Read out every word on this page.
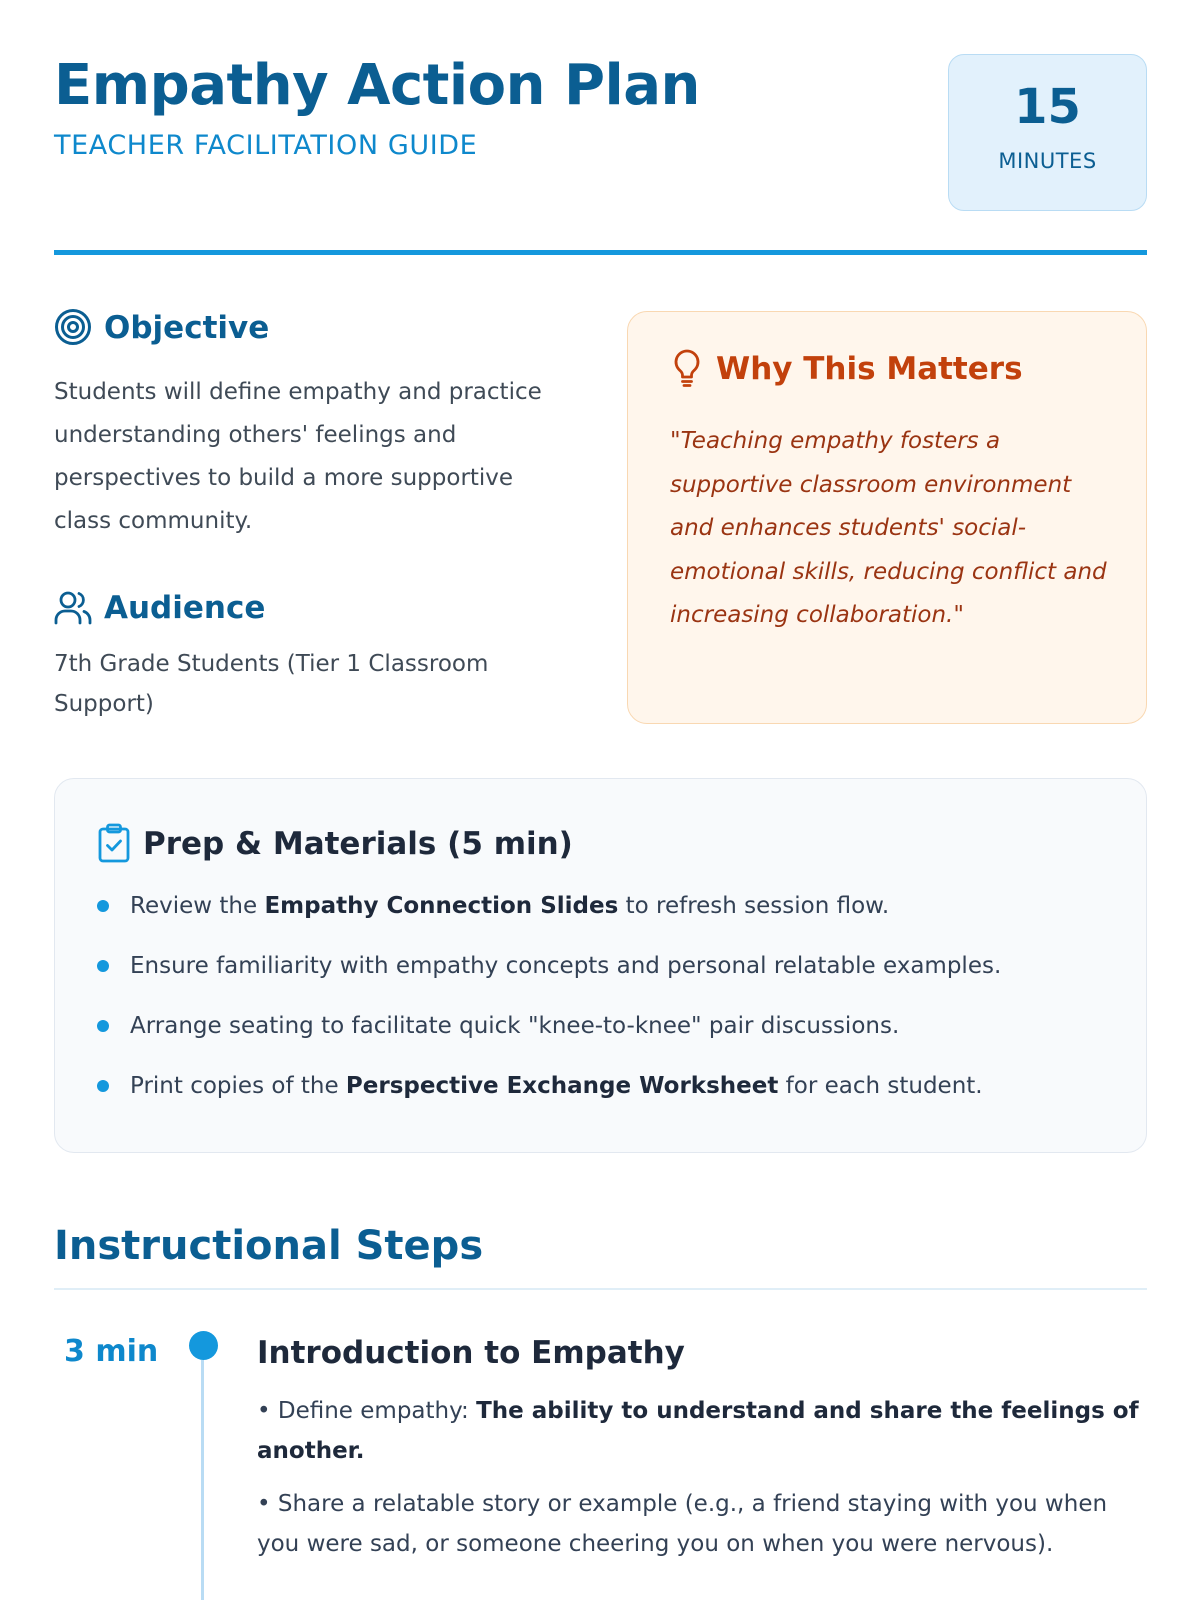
Empathy Action Plan
TEACHER FACILITATION GUIDE
15
MINUTES
Objective
Students will define empathy and practice understanding others' feelings and perspectives to build a more supportive class community.
Audience
7th Grade Students (Tier 1 Classroom Support)
Why This Matters
"Teaching empathy fosters a supportive classroom environment and enhances students' social-emotional skills, reducing conflict and increasing collaboration."
Prep & Materials (5 min)
Review the Empathy Connection Slides to refresh session flow.
Ensure familiarity with empathy concepts and personal relatable examples.
Arrange seating to facilitate quick "knee-to-knee" pair discussions.
Print copies of the Perspective Exchange Worksheet for each student.
Instructional Steps
3 min	Introduction to Empathy

• Define empathy: The ability to understand and share the feelings of another.

• Share a relatable story or example (e.g., a friend staying with you when you were sad, or someone cheering you on when you were nervous).
